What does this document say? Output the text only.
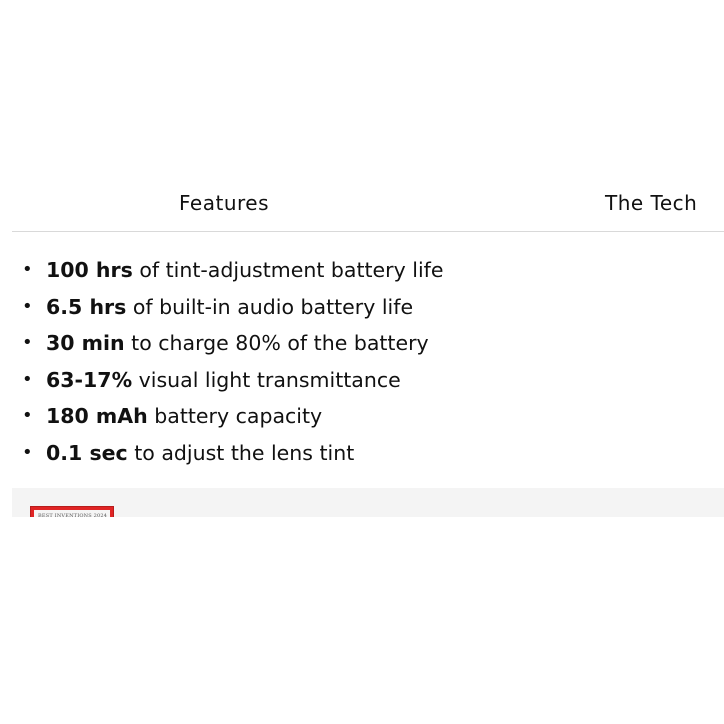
Features	The Tech
• 100 hrs of tint-adjustment battery life
• 6.5 hrs of built-in audio battery life
• 30 min to charge 80% of the battery
• 63-17% visual light transmittance
• 180 mAh battery capacity
• 0.1 sec to adjust the lens tint
BEST INVENTIONS 2024
